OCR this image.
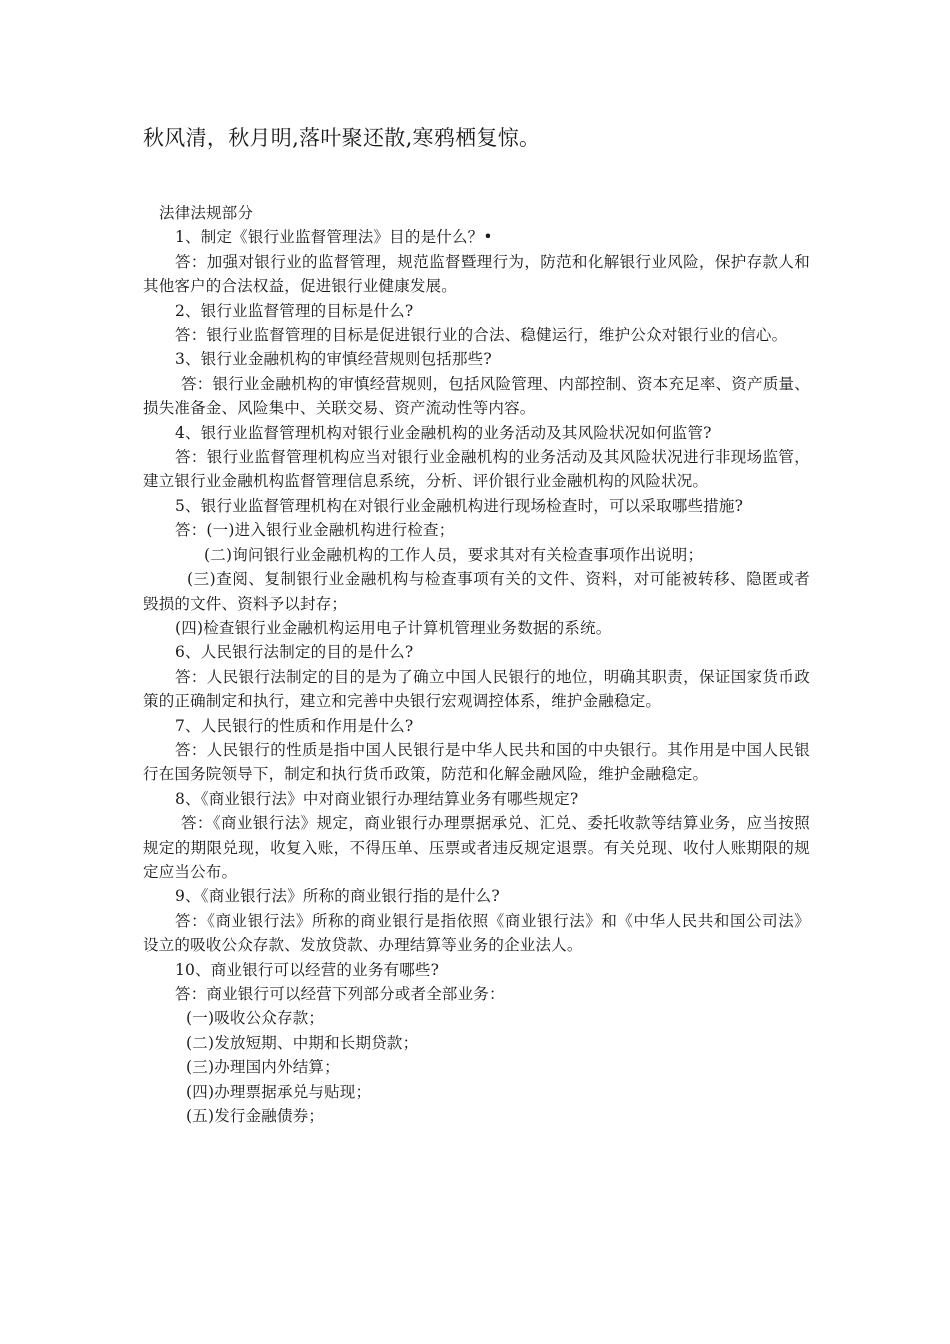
秋风清，秋月明,落叶聚还散,寒鸦栖复惊。

法律法规部分

1、制定《银行业监督管理法》目的是什么？•

答：加强对银行业的监督管理，规范监督暨理行为，防范和化解银行业风险，保护存款人和其他客户的合法权益，促进银行业健康发展。

2、银行业监督管理的目标是什么?

答：银行业监督管理的目标是促进银行业的合法、稳健运行，维护公众对银行业的信心。

3、银行业金融机构的审慎经营规则包括那些?

答：银行业金融机构的审慎经营规则，包括风险管理、内部控制、资本充足率、资产质量、损失准备金、风险集中、关联交易、资产流动性等内容。

4、银行业监督管理机构对银行业金融机构的业务活动及其风险状况如何监管?

答：银行业监督管理机构应当对银行业金融机构的业务活动及其风险状况进行非现场监管，建立银行业金融机构监督管理信息系统，分析、评价银行业金融机构的风险状况。

5、银行业监督管理机构在对银行业金融机构进行现场检查时，可以采取哪些措施?

答：(一)进入银行业金融机构进行检查；

(二)询问银行业金融机构的工作人员，要求其对有关检查事项作出说明；

(三)查阅、复制银行业金融机构与检查事项有关的文件、资料，对可能被转移、隐匿或者毁损的文件、资料予以封存；

(四)检查银行业金融机构运用电子计算机管理业务数据的系统。

6、人民银行法制定的目的是什么?

答：人民银行法制定的目的是为了确立中国人民银行的地位，明确其职责，保证国家货币政策的正确制定和执行，建立和完善中央银行宏观调控体系，维护金融稳定。

7、人民银行的性质和作用是什么?

答：人民银行的性质是指中国人民银行是中华人民共和国的中央银行。其作用是中国人民银行在国务院领导下，制定和执行货币政策，防范和化解金融风险，维护金融稳定。

8、《商业银行法》中对商业银行办理结算业务有哪些规定?

答：《商业银行法》规定，商业银行办理票据承兑、汇兑、委托收款等结算业务，应当按照规定的期限兑现，收复入账，不得压单、压票或者违反规定退票。有关兑现、收付人账期限的规定应当公布。

9、《商业银行法》所称的商业银行指的是什么?

答：《商业银行法》所称的商业银行是指依照《商业银行法》和《中华人民共和国公司法》设立的吸收公众存款、发放贷款、办理结算等业务的企业法人。

10、商业银行可以经营的业务有哪些?

答：商业银行可以经营下列部分或者全部业务：

(一)吸收公众存款；

(二)发放短期、中期和长期贷款；

(三)办理国内外结算；

(四)办理票据承兑与贴现；

(五)发行金融债券；
